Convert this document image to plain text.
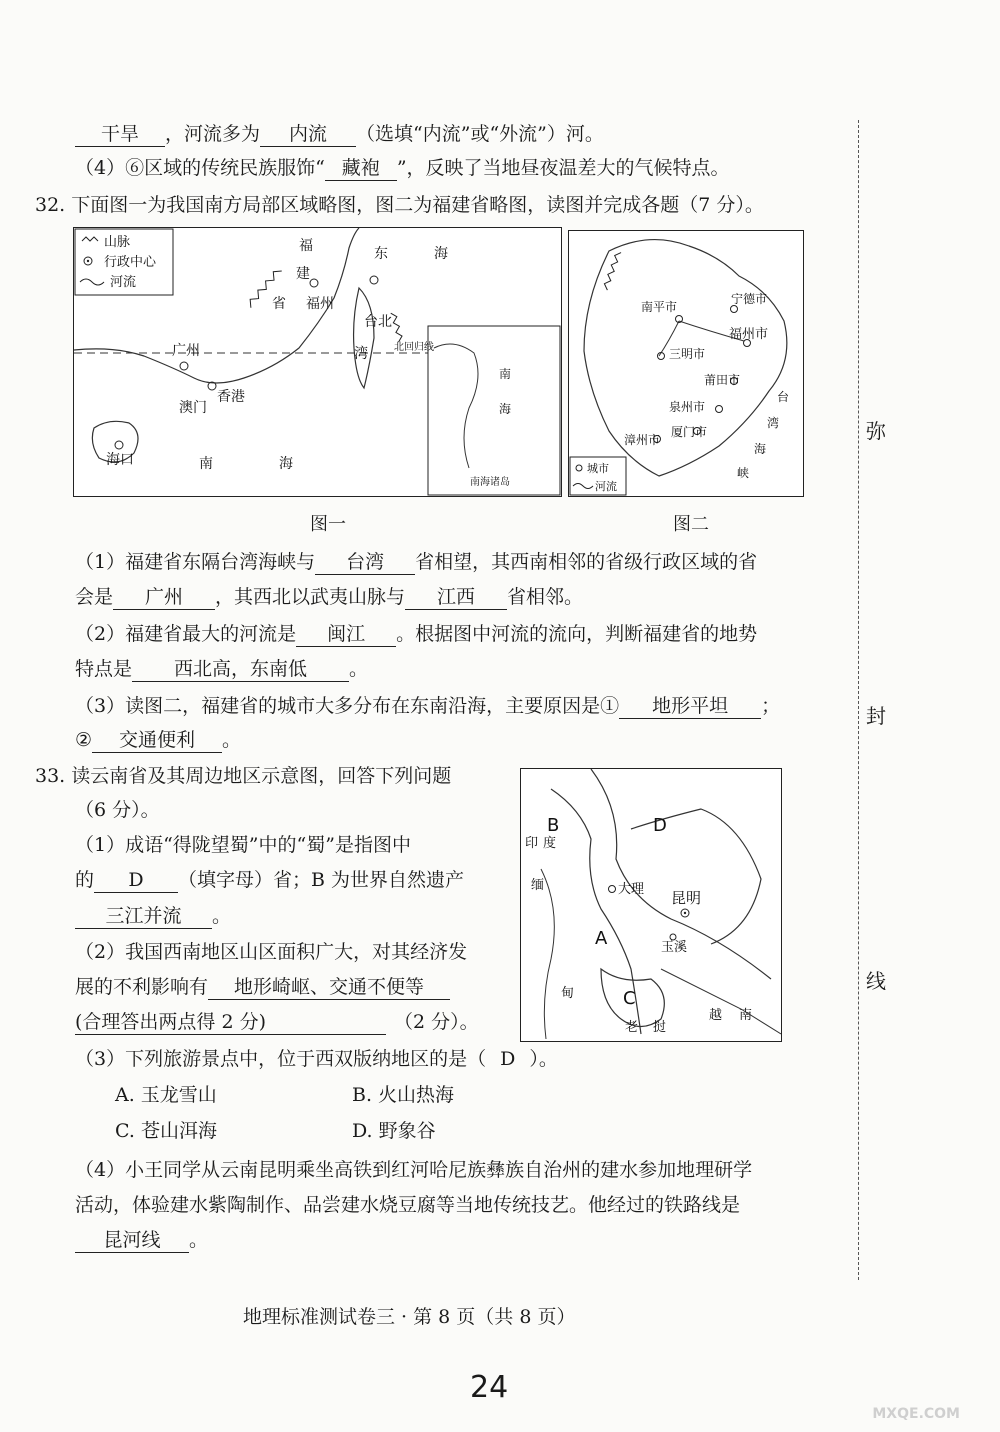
弥
封
线
干旱 ，河流多为 内流 （选填“内流”或“外流”）河。
（4）⑥区域的传统民族服饰“ 藏袍 ”，反映了当地昼夜温差大的气候特点。
32. 下面图一为我国南方局部区域略图，图二为福建省略图，读图并完成各题（7 分）。
山脉
行政中心
河流
南海诸岛
南
海
北回归线
福
建
省 福州
台北
湾
东	海
广州
香港
澳门
海口	南	海
南平市
宁德市
福州市
三明市
莆田市
泉州市
厦门市
漳州市
台
湾
海
峡
城市
河流
图一	图二
（1）福建省东隔台湾海峡与 台湾 省相望，其西南相邻的省级行政区域的省
会是 广州 ，其西北以武夷山脉与 江西 省相邻。
（2）福建省最大的河流是 闽江 。根据图中河流的流向，判断福建省的地势
特点是 西北高，东南低 。
（3）读图二，福建省的城市大多分布在东南沿海，主要原因是① 地形平坦 ；
② 交通便利 。
33. 读云南省及其周边地区示意图，回答下列问题
（6 分）。
（1）成语“得陇望蜀”中的“蜀”是指图中
的 D （填字母）省；B 为世界自然遗产
三江并流 。
（2）我国西南地区山区面积广大，对其经济发
展的不利影响有 地形崎岖、交通不便等
(合理答出两点得 2 分)	（2 分）。
（3）下列旅游景点中，位于西双版纳地区的是（ D ）。
A. 玉龙雪山	B. 火山热海
C. 苍山洱海	D. 野象谷
（4）小王同学从云南昆明乘坐高铁到红河哈尼族彝族自治州的建水参加地理研学
活动，体验建水紫陶制作、品尝建水烧豆腐等当地传统技艺。他经过的铁路线是
昆河线 。
B	D
A
C
印 度
缅
甸
大理 昆明
玉溪
越 南
老 挝
地理标准测试卷三 · 第 8 页（共 8 页）
24
MXQE.COM
